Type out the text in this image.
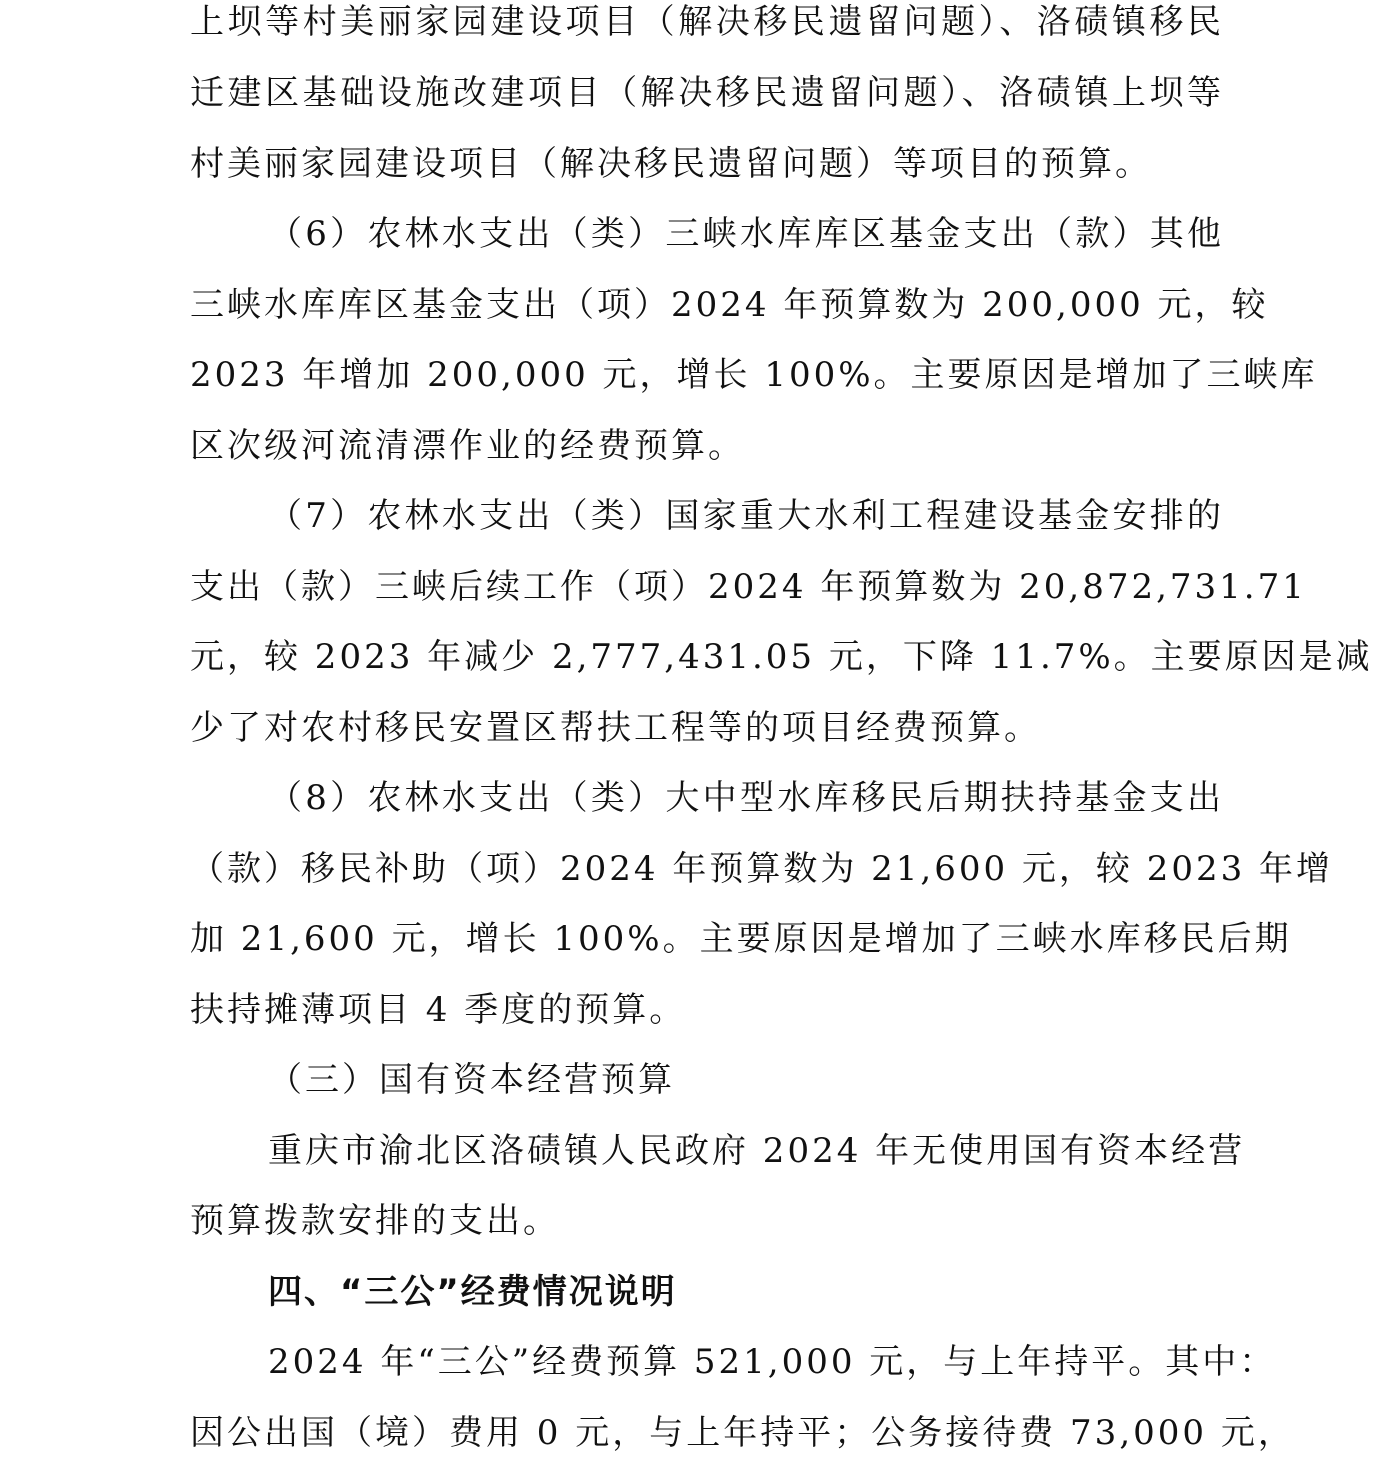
上坝等村美丽家园建设项目（解决移民遗留问题）、洛碛镇移民
迁建区基础设施改建项目（解决移民遗留问题）、洛碛镇上坝等
村美丽家园建设项目（解决移民遗留问题）等项目的预算。
（6）农林水支出（类）三峡水库库区基金支出（款）其他
三峡水库库区基金支出（项）2024 年预算数为 200,000 元，较
2023 年增加 200,000 元，增长 100%。主要原因是增加了三峡库
区次级河流清漂作业的经费预算。
（7）农林水支出（类）国家重大水利工程建设基金安排的
支出（款）三峡后续工作（项）2024 年预算数为 20,872,731.71
元，较 2023 年减少 2,777,431.05 元，下降 11.7%。主要原因是减
少了对农村移民安置区帮扶工程等的项目经费预算。
（8）农林水支出（类）大中型水库移民后期扶持基金支出
（款）移民补助（项）2024 年预算数为 21,600 元，较 2023 年增
加 21,600 元，增长 100%。主要原因是增加了三峡水库移民后期
扶持摊薄项目 4 季度的预算。
（三）国有资本经营预算
重庆市渝北区洛碛镇人民政府 2024 年无使用国有资本经营
预算拨款安排的支出。
四、“三公”经费情况说明
2024 年“三公”经费预算 521,000 元，与上年持平。其中：
因公出国（境）费用 0 元，与上年持平；公务接待费 73,000 元，
